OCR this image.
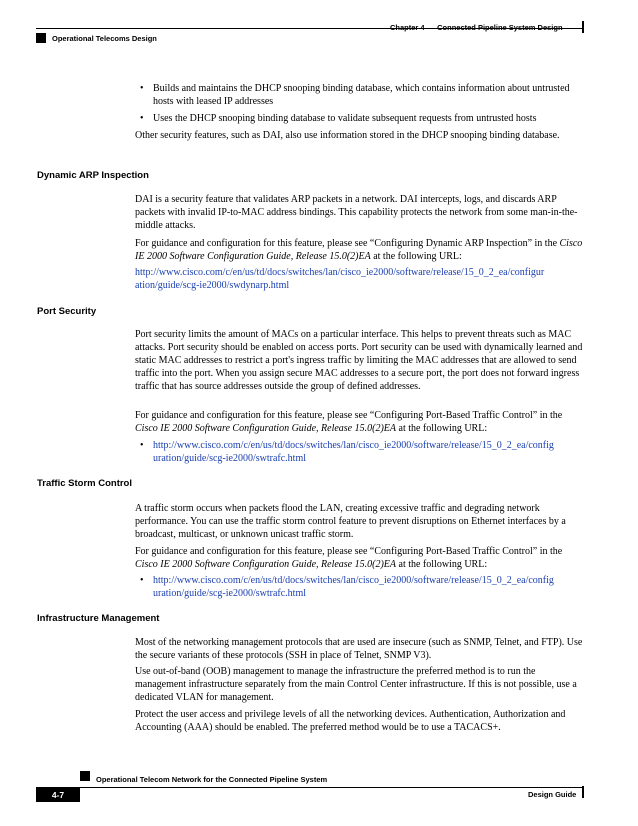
Operational Telecoms Design
• Builds and maintains the DHCP snooping binding database, which contains information about untrusted hosts with leased IP addresses
• Uses the DHCP snooping binding database to validate subsequent requests from untrusted hosts
Other security features, such as DAI, also use information stored in the DHCP snooping binding database.
Dynamic ARP Inspection
DAI is a security feature that validates ARP packets in a network. DAI intercepts, logs, and discards ARP packets with invalid IP-to-MAC address bindings. This capability protects the network from some man-in-the-middle attacks.
For guidance and configuration for this feature, please see “Configuring Dynamic ARP Inspection” in the Cisco IE 2000 Software Configuration Guide, Release 15.0(2)EA at the following URL:
http://www.cisco.com/c/en/us/td/docs/switches/lan/cisco_ie2000/software/release/15_0_2_ea/configur
ation/guide/scg-ie2000/swdynarp.html
Port Security
Port security limits the amount of MACs on a particular interface. This helps to prevent threats such as MAC attacks. Port security should be enabled on access ports. Port security can be used with dynamically learned and static MAC addresses to restrict a port's ingress traffic by limiting the MAC addresses that are allowed to send traffic into the port. When you assign secure MAC addresses to a secure port, the port does not forward ingress traffic that has source addresses outside the group of defined addresses.
For guidance and configuration for this feature, please see “Configuring Port-Based Traffic Control” in the Cisco IE 2000 Software Configuration Guide, Release 15.0(2)EA at the following URL:
• http://www.cisco.com/c/en/us/td/docs/switches/lan/cisco_ie2000/software/release/15_0_2_ea/config
uration/guide/scg-ie2000/swtrafc.html
Traffic Storm Control
A traffic storm occurs when packets flood the LAN, creating excessive traffic and degrading network performance. You can use the traffic storm control feature to prevent disruptions on Ethernet interfaces by a broadcast, multicast, or unknown unicast traffic storm.
For guidance and configuration for this feature, please see “Configuring Port-Based Traffic Control” in the Cisco IE 2000 Software Configuration Guide, Release 15.0(2)EA at the following URL:
• http://www.cisco.com/c/en/us/td/docs/switches/lan/cisco_ie2000/software/release/15_0_2_ea/config
uration/guide/scg-ie2000/swtrafc.html
Infrastructure Management
Most of the networking management protocols that are used are insecure (such as SNMP, Telnet, and FTP). Use the secure variants of these protocols (SSH in place of Telnet, SNMP V3).
Use out-of-band (OOB) management to manage the infrastructure the preferred method is to run the management infrastructure separately from the main Control Center infrastructure. If this is not possible, use a dedicated VLAN for management.
Protect the user access and privilege levels of all the networking devices. Authentication, Authorization and Accounting (AAA) should be enabled. The preferred method would be to use a TACACS+.
Operational Telecom Network for the Connected Pipeline System
4-7	Design Guide
